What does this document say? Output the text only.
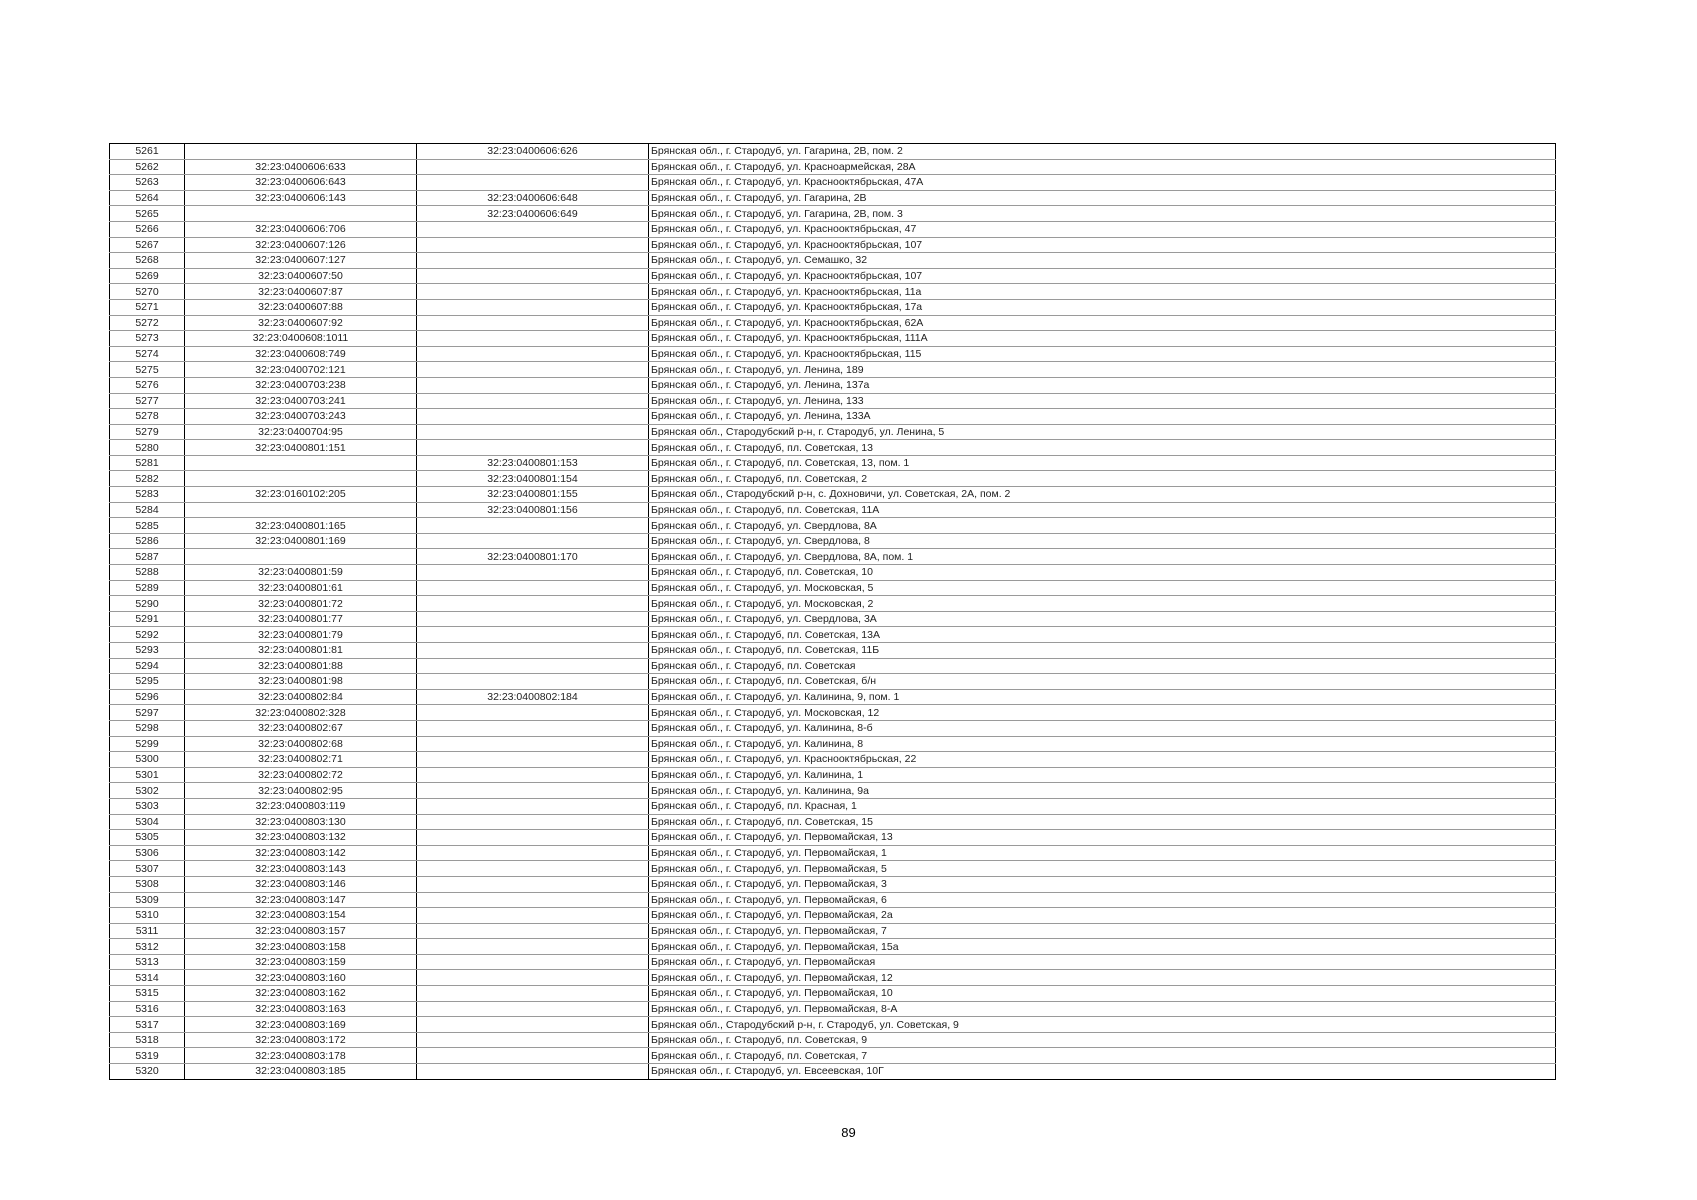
5261		32:23:0400606:626	Брянская обл., г. Стародуб, ул. Гагарина, 2В, пом. 2
5262	32:23:0400606:633		Брянская обл., г. Стародуб, ул. Красноармейская, 28А
5263	32:23:0400606:643		Брянская обл., г. Стародуб, ул. Краснооктябрьская, 47А
5264	32:23:0400606:143	32:23:0400606:648	Брянская обл., г. Стародуб, ул. Гагарина, 2В
5265		32:23:0400606:649	Брянская обл., г. Стародуб, ул. Гагарина, 2В, пом. 3
5266	32:23:0400606:706		Брянская обл., г. Стародуб, ул. Краснооктябрьская, 47
5267	32:23:0400607:126		Брянская обл., г. Стародуб, ул. Краснооктябрьская, 107
5268	32:23:0400607:127		Брянская обл., г. Стародуб, ул. Семашко, 32
5269	32:23:0400607:50		Брянская обл., г. Стародуб, ул. Краснооктябрьская, 107
5270	32:23:0400607:87		Брянская обл., г. Стародуб, ул. Краснооктябрьская, 11а
5271	32:23:0400607:88		Брянская обл., г. Стародуб, ул. Краснооктябрьская, 17а
5272	32:23:0400607:92		Брянская обл., г. Стародуб, ул. Краснооктябрьская, 62А
5273	32:23:0400608:1011		Брянская обл., г. Стародуб, ул. Краснооктябрьская, 111А
5274	32:23:0400608:749		Брянская обл., г. Стародуб, ул. Краснооктябрьская, 115
5275	32:23:0400702:121		Брянская обл., г. Стародуб, ул. Ленина, 189
5276	32:23:0400703:238		Брянская обл., г. Стародуб, ул. Ленина, 137а
5277	32:23:0400703:241		Брянская обл., г. Стародуб, ул. Ленина, 133
5278	32:23:0400703:243		Брянская обл., г. Стародуб, ул. Ленина, 133А
5279	32:23:0400704:95		Брянская обл., Стародубский р-н, г. Стародуб, ул. Ленина, 5
5280	32:23:0400801:151		Брянская обл., г. Стародуб, пл. Советская, 13
5281		32:23:0400801:153	Брянская обл., г. Стародуб, пл. Советская, 13, пом. 1
5282		32:23:0400801:154	Брянская обл., г. Стародуб, пл. Советская, 2
5283	32:23:0160102:205	32:23:0400801:155	Брянская обл., Стародубский р-н, с. Дохновичи, ул. Советская, 2А, пом. 2
5284		32:23:0400801:156	Брянская обл., г. Стародуб, пл. Советская, 11А
5285	32:23:0400801:165		Брянская обл., г. Стародуб, ул. Свердлова, 8А
5286	32:23:0400801:169		Брянская обл., г. Стародуб, ул. Свердлова, 8
5287		32:23:0400801:170	Брянская обл., г. Стародуб, ул. Свердлова, 8А, пом. 1
5288	32:23:0400801:59		Брянская обл., г. Стародуб, пл. Советская, 10
5289	32:23:0400801:61		Брянская обл., г. Стародуб, ул. Московская, 5
5290	32:23:0400801:72		Брянская обл., г. Стародуб, ул. Московская, 2
5291	32:23:0400801:77		Брянская обл., г. Стародуб, ул. Свердлова, 3А
5292	32:23:0400801:79		Брянская обл., г. Стародуб, пл. Советская, 13А
5293	32:23:0400801:81		Брянская обл., г. Стародуб, пл. Советская, 11Б
5294	32:23:0400801:88		Брянская обл., г. Стародуб, пл. Советская
5295	32:23:0400801:98		Брянская обл., г. Стародуб, пл. Советская, б/н
5296	32:23:0400802:84	32:23:0400802:184	Брянская обл., г. Стародуб, ул. Калинина, 9, пом. 1
5297	32:23:0400802:328		Брянская обл., г. Стародуб, ул. Московская, 12
5298	32:23:0400802:67		Брянская обл., г. Стародуб, ул. Калинина, 8-б
5299	32:23:0400802:68		Брянская обл., г. Стародуб, ул. Калинина, 8
5300	32:23:0400802:71		Брянская обл., г. Стародуб, ул. Краснооктябрьская, 22
5301	32:23:0400802:72		Брянская обл., г. Стародуб, ул. Калинина, 1
5302	32:23:0400802:95		Брянская обл., г. Стародуб, ул. Калинина, 9а
5303	32:23:0400803:119		Брянская обл., г. Стародуб, пл. Красная, 1
5304	32:23:0400803:130		Брянская обл., г. Стародуб, пл. Советская, 15
5305	32:23:0400803:132		Брянская обл., г. Стародуб, ул. Первомайская, 13
5306	32:23:0400803:142		Брянская обл., г. Стародуб, ул. Первомайская, 1
5307	32:23:0400803:143		Брянская обл., г. Стародуб, ул. Первомайская, 5
5308	32:23:0400803:146		Брянская обл., г. Стародуб, ул. Первомайская, 3
5309	32:23:0400803:147		Брянская обл., г. Стародуб, ул. Первомайская, 6
5310	32:23:0400803:154		Брянская обл., г. Стародуб, ул. Первомайская, 2а
5311	32:23:0400803:157		Брянская обл., г. Стародуб, ул. Первомайская, 7
5312	32:23:0400803:158		Брянская обл., г. Стародуб, ул. Первомайская, 15а
5313	32:23:0400803:159		Брянская обл., г. Стародуб, ул. Первомайская
5314	32:23:0400803:160		Брянская обл., г. Стародуб, ул. Первомайская, 12
5315	32:23:0400803:162		Брянская обл., г. Стародуб, ул. Первомайская, 10
5316	32:23:0400803:163		Брянская обл., г. Стародуб, ул. Первомайская, 8-А
5317	32:23:0400803:169		Брянская обл., Стародубский р-н, г. Стародуб, ул. Советская, 9
5318	32:23:0400803:172		Брянская обл., г. Стародуб, пл. Советская, 9
5319	32:23:0400803:178		Брянская обл., г. Стародуб, пл. Советская, 7
5320	32:23:0400803:185		Брянская обл., г. Стародуб, ул. Евсеевская, 10Г
89
